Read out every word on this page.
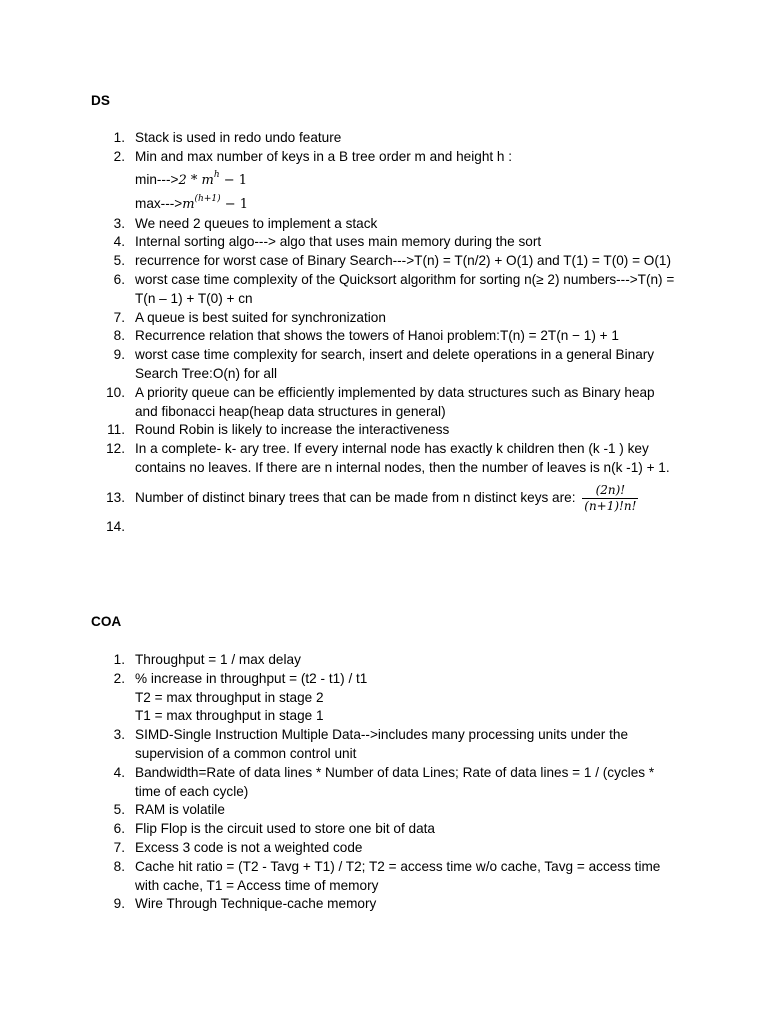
DS
1. Stack is used in redo undo feature
2. Min and max number of keys in a B tree order m and height h :
$\min--->2 * m^h - 1$
$\max--->m^{(h+1)} - 1$
3. We need 2 queues to implement a stack
4. Internal sorting algo---> algo that uses main memory during the sort
5. recurrence for worst case of Binary Search--->T(n) = T(n/2) + O(1) and T(1) = T(0) = O(1)
6. worst case time complexity of the Quicksort algorithm for sorting n(≥ 2) numbers--->T(n) = T(n – 1) + T(0) + cn
7. A queue is best suited for synchronization
8. Recurrence relation that shows the towers of Hanoi problem:T(n) = 2T(n − 1) + 1
9. worst case time complexity for search, insert and delete operations in a general Binary Search Tree:O(n) for all
10. A priority queue can be efficiently implemented by data structures such as Binary heap and fibonacci heap(heap data structures in general)
11. Round Robin is likely to increase the interactiveness
12. In a complete- k- ary tree. If every internal node has exactly k children then (k -1 ) key contains no leaves. If there are n internal nodes, then the number of leaves is n(k -1) + 1.
13. Number of distinct binary trees that can be made from n distinct keys are: $\frac{(2n)!}{(n+1)!n!}$
14.
COA
1. Throughput = 1 / max delay
2. % increase in throughput = (t2 - t1) / t1
T2 = max throughput in stage 2
T1 = max throughput in stage 1
3. SIMD-Single Instruction Multiple Data-->includes many processing units under the supervision of a common control unit
4. Bandwidth=Rate of data lines * Number of data Lines; Rate of data lines = 1 / (cycles * time of each cycle)
5. RAM is volatile
6. Flip Flop is the circuit used to store one bit of data
7. Excess 3 code is not a weighted code
8. Cache hit ratio = (T2 - Tavg + T1) / T2; T2 = access time w/o cache, Tavg = access time with cache, T1 = Access time of memory
9. Wire Through Technique-cache memory
